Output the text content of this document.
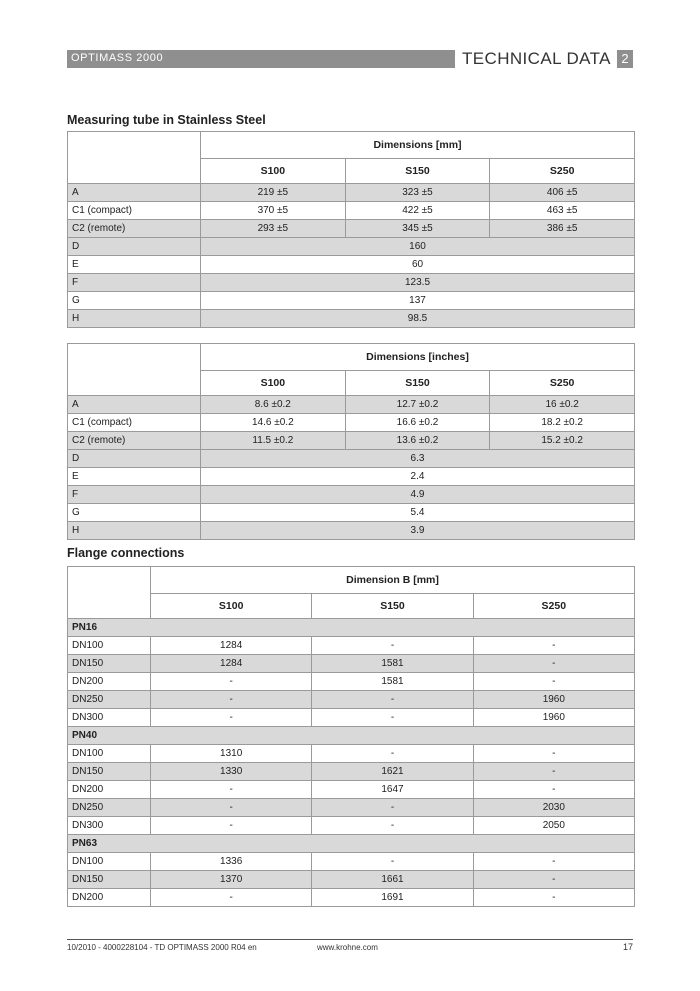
OPTIMASS 2000	TECHNICAL DATA 2
Measuring tube in Stainless Steel
	Dimensions [mm]		
	S100	S150	S250
A	219 ±5	323 ±5	406 ±5
C1 (compact)	370 ±5	422 ±5	463 ±5
C2 (remote)	293 ±5	345 ±5	386 ±5
D	160		
E	60		
F	123.5		
G	137		
H	98.5		
	Dimensions [inches]		
	S100	S150	S250
A	8.6 ±0.2	12.7 ±0.2	16 ±0.2
C1 (compact)	14.6 ±0.2	16.6 ±0.2	18.2 ±0.2
C2 (remote)	11.5 ±0.2	13.6 ±0.2	15.2 ±0.2
D	6.3		
E	2.4		
F	4.9		
G	5.4		
H	3.9		
Flange connections
	Dimension B [mm]		
	S100	S150	S250
PN16			
DN100	1284	-	-
DN150	1284	1581	-
DN200	-	1581	-
DN250	-	-	1960
DN300	-	-	1960
PN40			
DN100	1310	-	-
DN150	1330	1621	-
DN200	-	1647	-
DN250	-	-	2030
DN300	-	-	2050
PN63			
DN100	1336	-	-
DN150	1370	1661	-
DN200	-	1691	-
10/2010 - 4000228104 - TD OPTIMASS 2000 R04 en	www.krohne.com	17
